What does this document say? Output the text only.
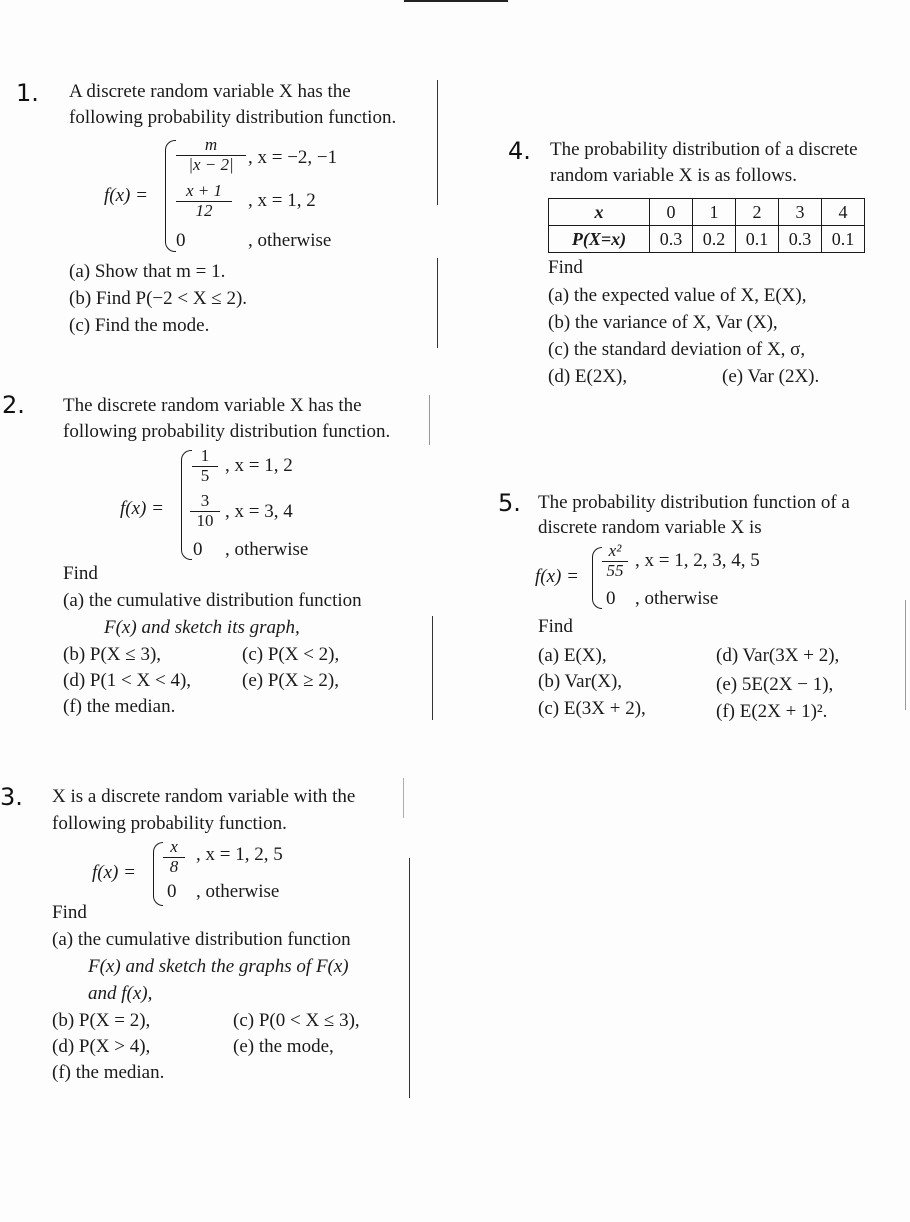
1. A discrete random variable X has the
following probability distribution function.
f(x) =
$\frac{m}{|x - 2|}$ , x = −2, −1
$\frac{x + 1}{12}$ , x = 1, 2
0	, otherwise
(a) Show that m = 1.
(b) Find P(−2 < X ≤ 2).
(c) Find the mode.
2. The discrete random variable X has the
following probability distribution function.
f(x) =
$\frac{1}{5}$ , x = 1, 2
$\frac{3}{10}$ , x = 3, 4
0 , otherwise
Find
(a) the cumulative distribution function
F(x) and sketch its graph,
(b) P(X ≤ 3),	(c) P(X < 2),
(d) P(1 < X < 4),	(e) P(X ≥ 2),
(f) the median.
3. X is a discrete random variable with the
following probability function.
$f(x) = \frac{x}{8}$ , x = 1, 2, 5
0 , otherwise
Find
(a) the cumulative distribution function
F(x) and sketch the graphs of F(x)
and f(x),
(b) P(X = 2),	(c) P(0 < X ≤ 3),
(d) P(X > 4),	(e) the mode,
(f) the median.
4. The probability distribution of a discrete
random variable X is as follows.
x	0	1	2	3	4
P(X=x)	0.3	0.2	0.1	0.3	0.1
Find
(a) the expected value of X, E(X),
(b) the variance of X, Var (X),
(c) the standard deviation of X, σ,
(d) E(2X),	(e) Var (2X).
5. The probability distribution function of a
discrete random variable X is
$f(x) = \frac{\text{x²}}{55}$ , x = 1, 2, 3, 4, 5
0 , otherwise
Find
(a) E(X),	(d) Var(3X + 2),
(b) Var(X),	(e) 5E(2X − 1),
(c) E(3X + 2),	(f) E(2X + 1)².
